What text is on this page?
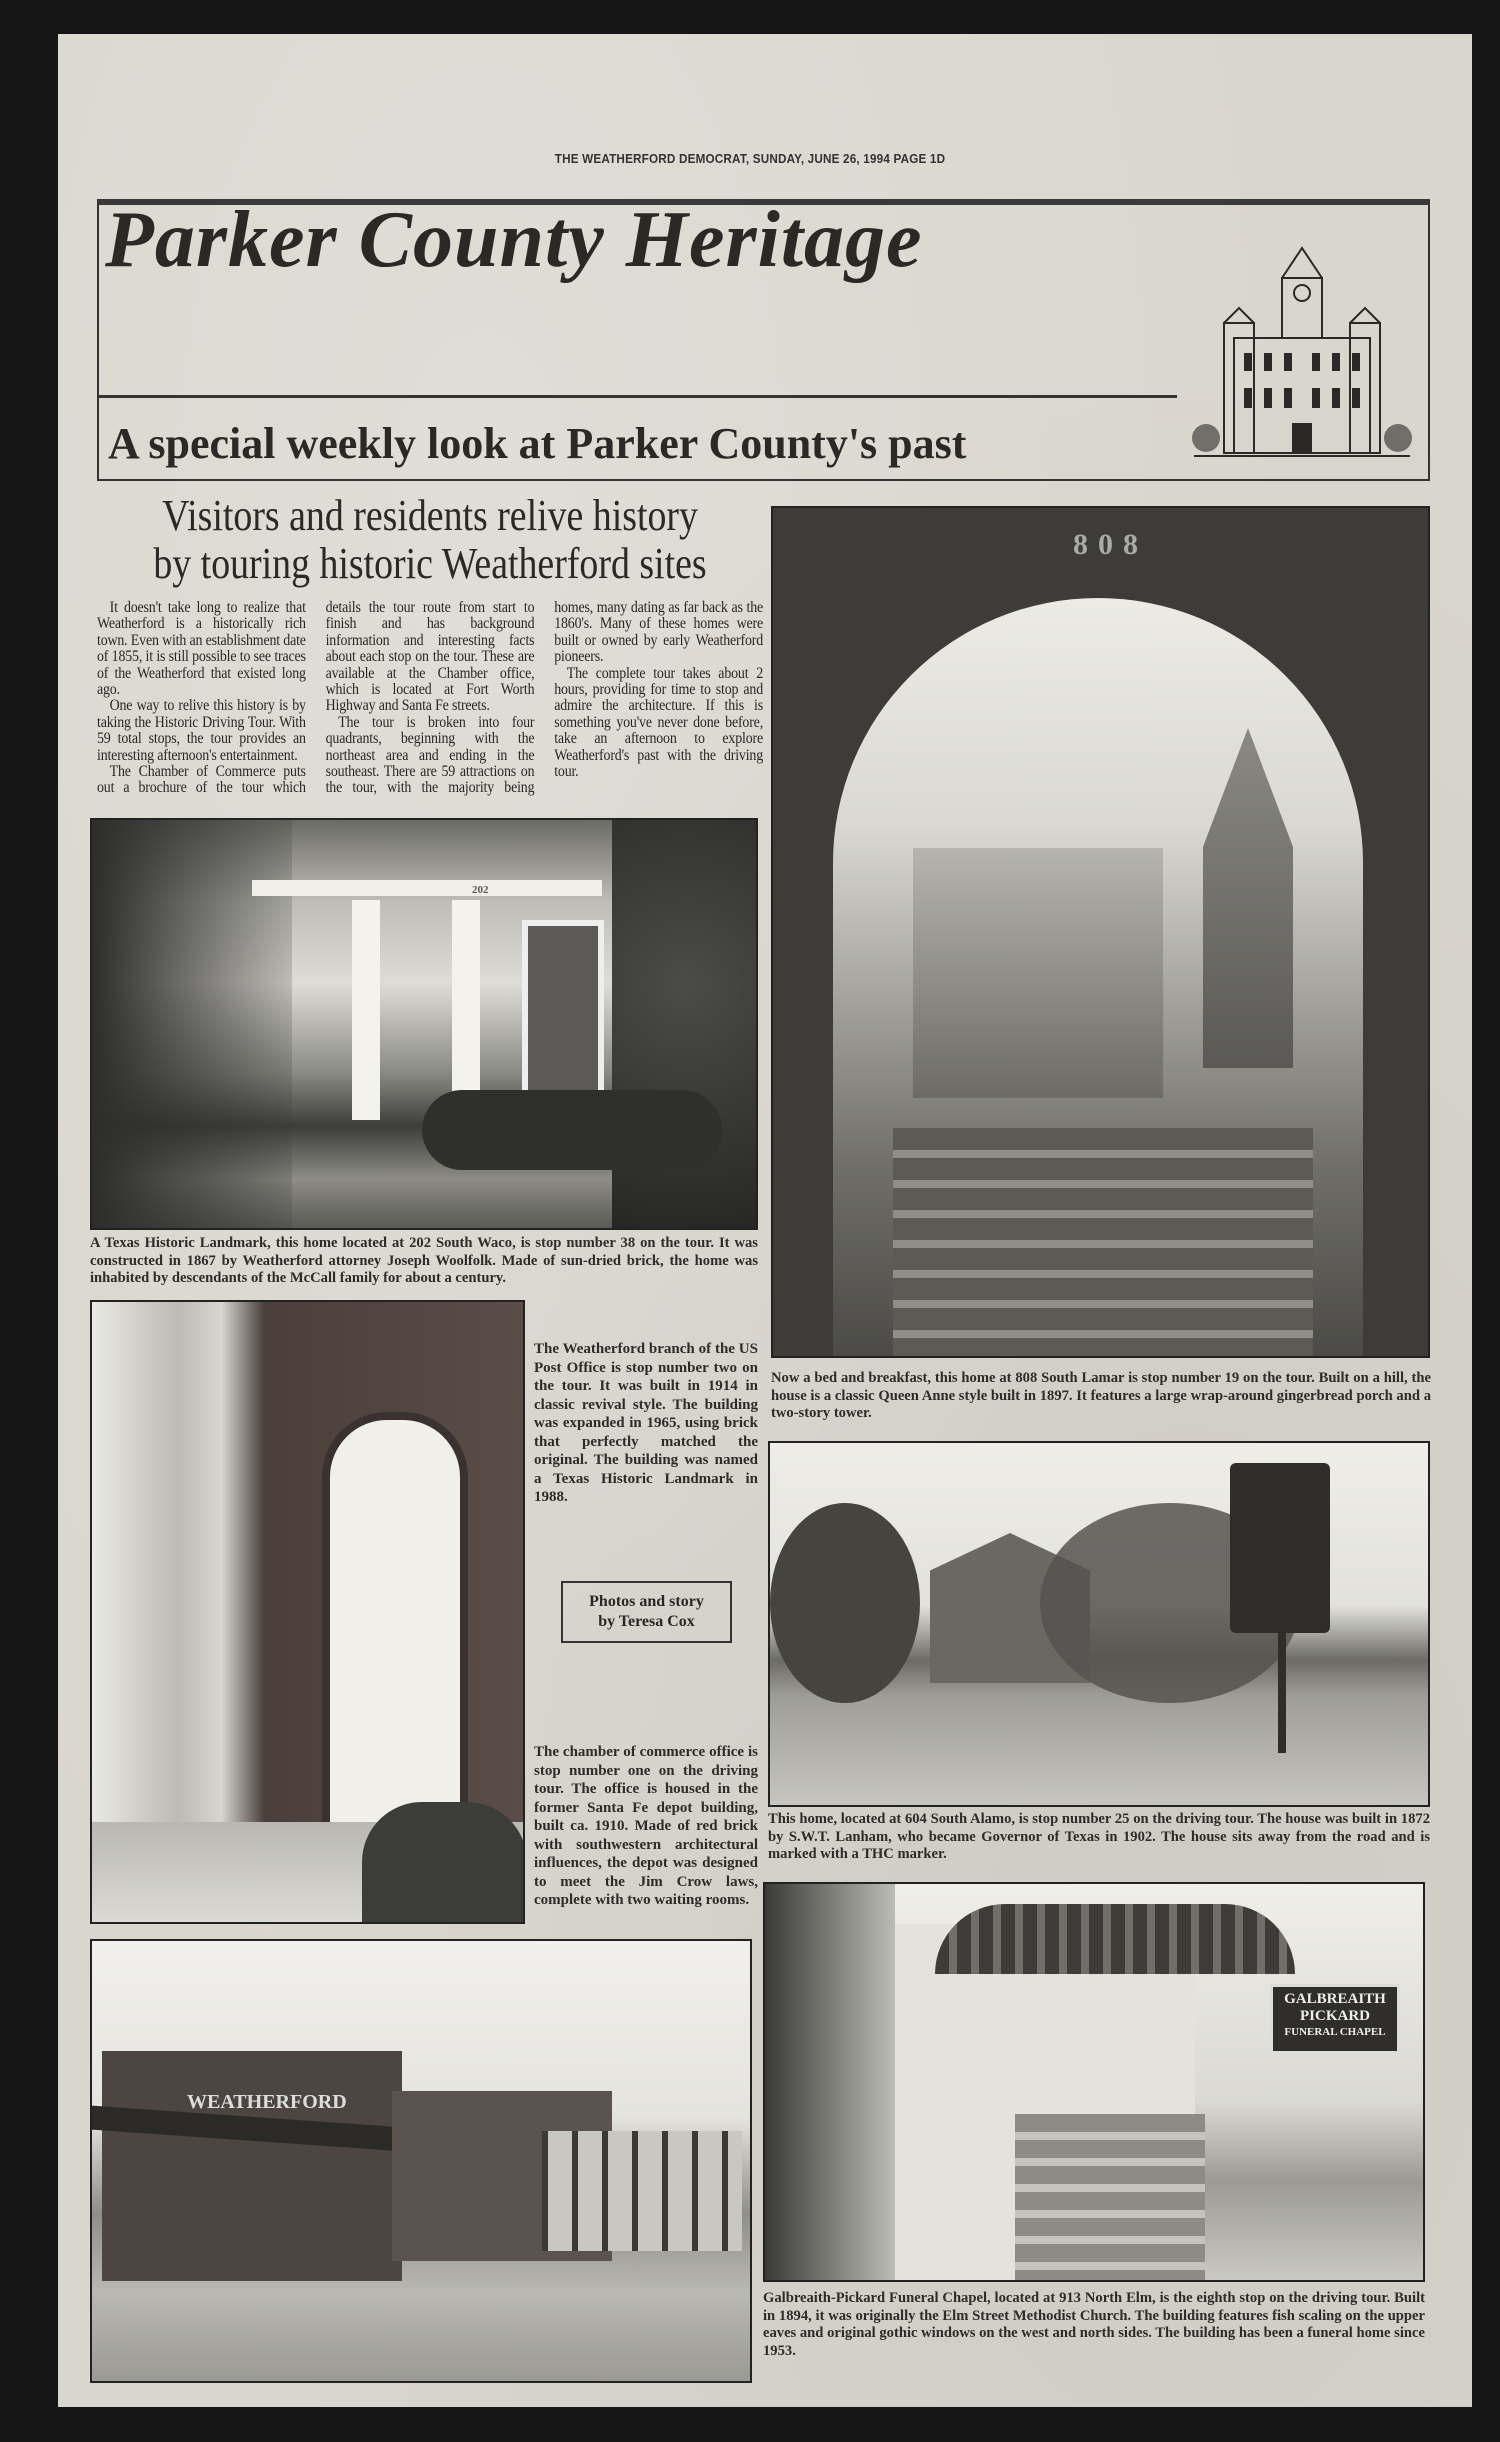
THE WEATHERFORD DEMOCRAT, SUNDAY, JUNE 26, 1994 PAGE 1D
Parker County Heritage
A special weekly look at Parker County's past
Visitors and residents relive history
by touring historic Weatherford sites
202

It doesn't take long to realize that Weatherford is a historically rich town. Even with an establishment date of 1855, it is still possible to see traces of the Weatherford that existed long ago.

One way to relive this history is by taking the Historic Driving Tour. With 59 total stops, the tour provides an interesting afternoon's entertainment.

The Chamber of Commerce puts out a brochure of the tour which details the tour route from start to finish and has background information and interesting facts about each stop on the tour. These are available at the Chamber office, which is located at Fort Worth Highway and Santa Fe streets.

The tour is broken into four quadrants, beginning with the northeast area and ending in the southeast. There are 59 attractions on the tour, with the majority being homes, many dating as far back as the 1860's. Many of these homes were built or owned by early Weatherford pioneers.

The complete tour takes about 2 hours, providing for time to stop and admire the architecture. If this is something you've never done before, take an afternoon to explore Weatherford's past with the driving tour.

A Texas Historic Landmark, this home located at 202 South Waco, is stop number 38 on the tour. It was constructed in 1867 by Weatherford attorney Joseph Woolfolk. Made of sun-dried brick, the home was inhabited by descendants of the McCall family for about a century.
808
Now a bed and breakfast, this home at 808 South Lamar is stop number 19 on the tour. Built on a hill, the house is a classic Queen Anne style built in 1897. It features a large wrap-around gingerbread porch and a two-story tower.
The Weatherford branch of the US Post Office is stop number two on the tour. It was built in 1914 in classic revival style. The building was expanded in 1965, using brick that perfectly matched the original. The building was named a Texas Historic Landmark in 1988.
Photos and story
by Teresa Cox
The chamber of commerce office is stop number one on the driving tour. The office is housed in the former Santa Fe depot building, built ca. 1910. Made of red brick with southwestern architectural influences, the depot was designed to meet the Jim Crow laws, complete with two waiting rooms.
WEATHERFORD
This home, located at 604 South Alamo, is stop number 25 on the driving tour. The house was built in 1872 by S.W.T. Lanham, who became Governor of Texas in 1902. The house sits away from the road and is marked with a THC marker.
GALBREAITH
PICKARD
FUNERAL CHAPEL
Galbreaith-Pickard Funeral Chapel, located at 913 North Elm, is the eighth stop on the driving tour. Built in 1894, it was originally the Elm Street Methodist Church. The building features fish scaling on the upper eaves and original gothic windows on the west and north sides. The building has been a funeral home since 1953.
